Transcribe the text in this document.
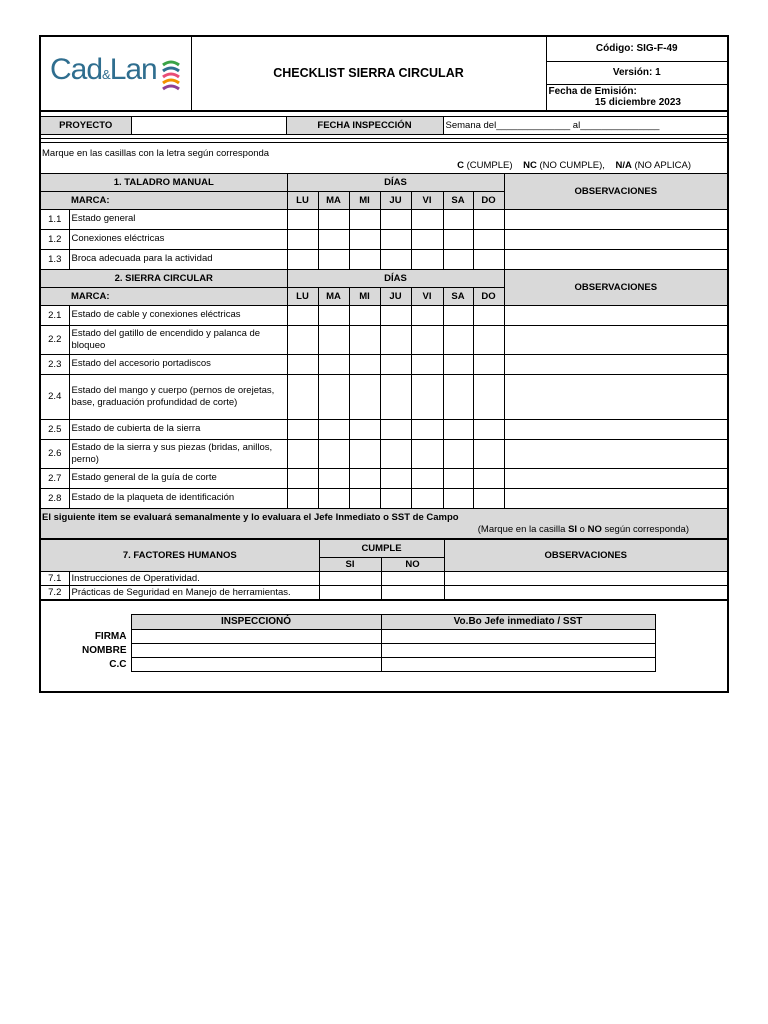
Cad&Lan	CHECKLIST SIERRA CIRCULAR	Código: SIG-F-49
Versión: 1

Fecha de Emisión:
15 diciembre 2023
PROYECTO		FECHA INSPECCIÓN	Semana del______________ al_______________

Marque en las casillas con la letra según corresponda
C (CUMPLE) NC (NO CUMPLE), N/A (NO APLICA)
1. TALADRO MANUAL		DÍAS							OBSERVACIONES
MARCA:		LU	MA	MI	JU	VI	SA	DO	
1.1	Estado general								
1.2	Conexiones eléctricas								
1.3	Broca adecuada para la actividad								
2. SIERRA CIRCULAR		DÍAS							OBSERVACIONES
MARCA:		LU	MA	MI	JU	VI	SA	DO	
2.1	Estado de cable y conexiones eléctricas								
2.2	Estado del gatillo de encendido y palanca de bloqueo								
2.3	Estado del accesorio portadiscos								
2.4	Estado del mango y cuerpo (pernos de orejetas, base, graduación profundidad de corte)								
2.5	Estado de cubierta de la sierra								
2.6	Estado de la sierra y sus piezas (bridas, anillos, perno)								
2.7	Estado general de la guía de corte								
2.8	Estado de la plaqueta de identificación								
El siguiente item se evaluará semanalmente y lo evaluara el Jefe Inmediato o SST de Campo
(Marque en la casilla SI o NO según corresponda)
7. FACTORES HUMANOS		CUMPLE		OBSERVACIONES
		SI	NO	
7.1	Instrucciones de Operatividad.			
7.2	Prácticas de Seguridad en Manejo de herramientas.			
	INSPECCIONÓ	Vo.Bo Jefe inmediato / SST
FIRMA		
NOMBRE		
C.C		
